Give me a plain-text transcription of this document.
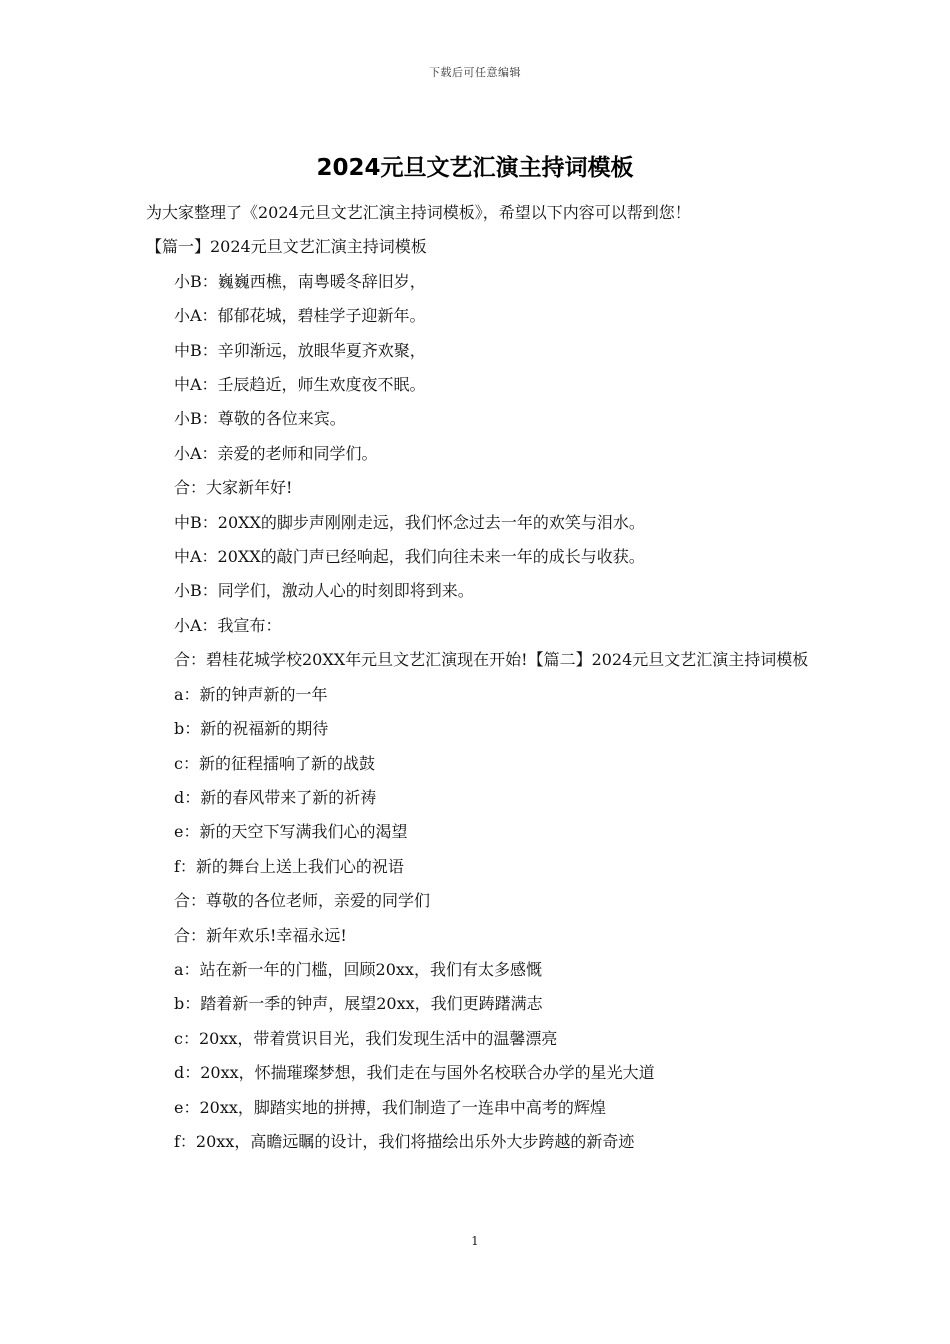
下载后可任意编辑
2024元旦文艺汇演主持词模板

为大家整理了《2024元旦文艺汇演主持词模板》，希望以下内容可以帮到您！

【篇一】2024元旦文艺汇演主持词模板

小B：巍巍西樵，南粤暖冬辞旧岁，

小A：郁郁花城，碧桂学子迎新年。

中B：辛卯渐远，放眼华夏齐欢聚，

中A：壬辰趋近，师生欢度夜不眠。

小B：尊敬的各位来宾。

小A：亲爱的老师和同学们。

合：大家新年好!

中B：20XX的脚步声刚刚走远，我们怀念过去一年的欢笑与泪水。

中A：20XX的敲门声已经响起，我们向往未来一年的成长与收获。

小B：同学们，激动人心的时刻即将到来。

小A：我宣布：

合：碧桂花城学校20XX年元旦文艺汇演现在开始!【篇二】2024元旦文艺汇演主持词模板

a：新的钟声新的一年

b：新的祝福新的期待

c：新的征程擂响了新的战鼓

d：新的春风带来了新的祈祷

e：新的天空下写满我们心的渴望

f：新的舞台上送上我们心的祝语

合：尊敬的各位老师，亲爱的同学们

合：新年欢乐!幸福永远!

a：站在新一年的门槛，回顾20xx，我们有太多感慨

b：踏着新一季的钟声，展望20xx，我们更踌躇满志

c：20xx，带着赏识目光，我们发现生活中的温馨漂亮

d：20xx，怀揣璀璨梦想，我们走在与国外名校联合办学的星光大道

e：20xx，脚踏实地的拼搏，我们制造了一连串中高考的辉煌

f：20xx，高瞻远瞩的设计，我们将描绘出乐外大步跨越的新奇迹

1
